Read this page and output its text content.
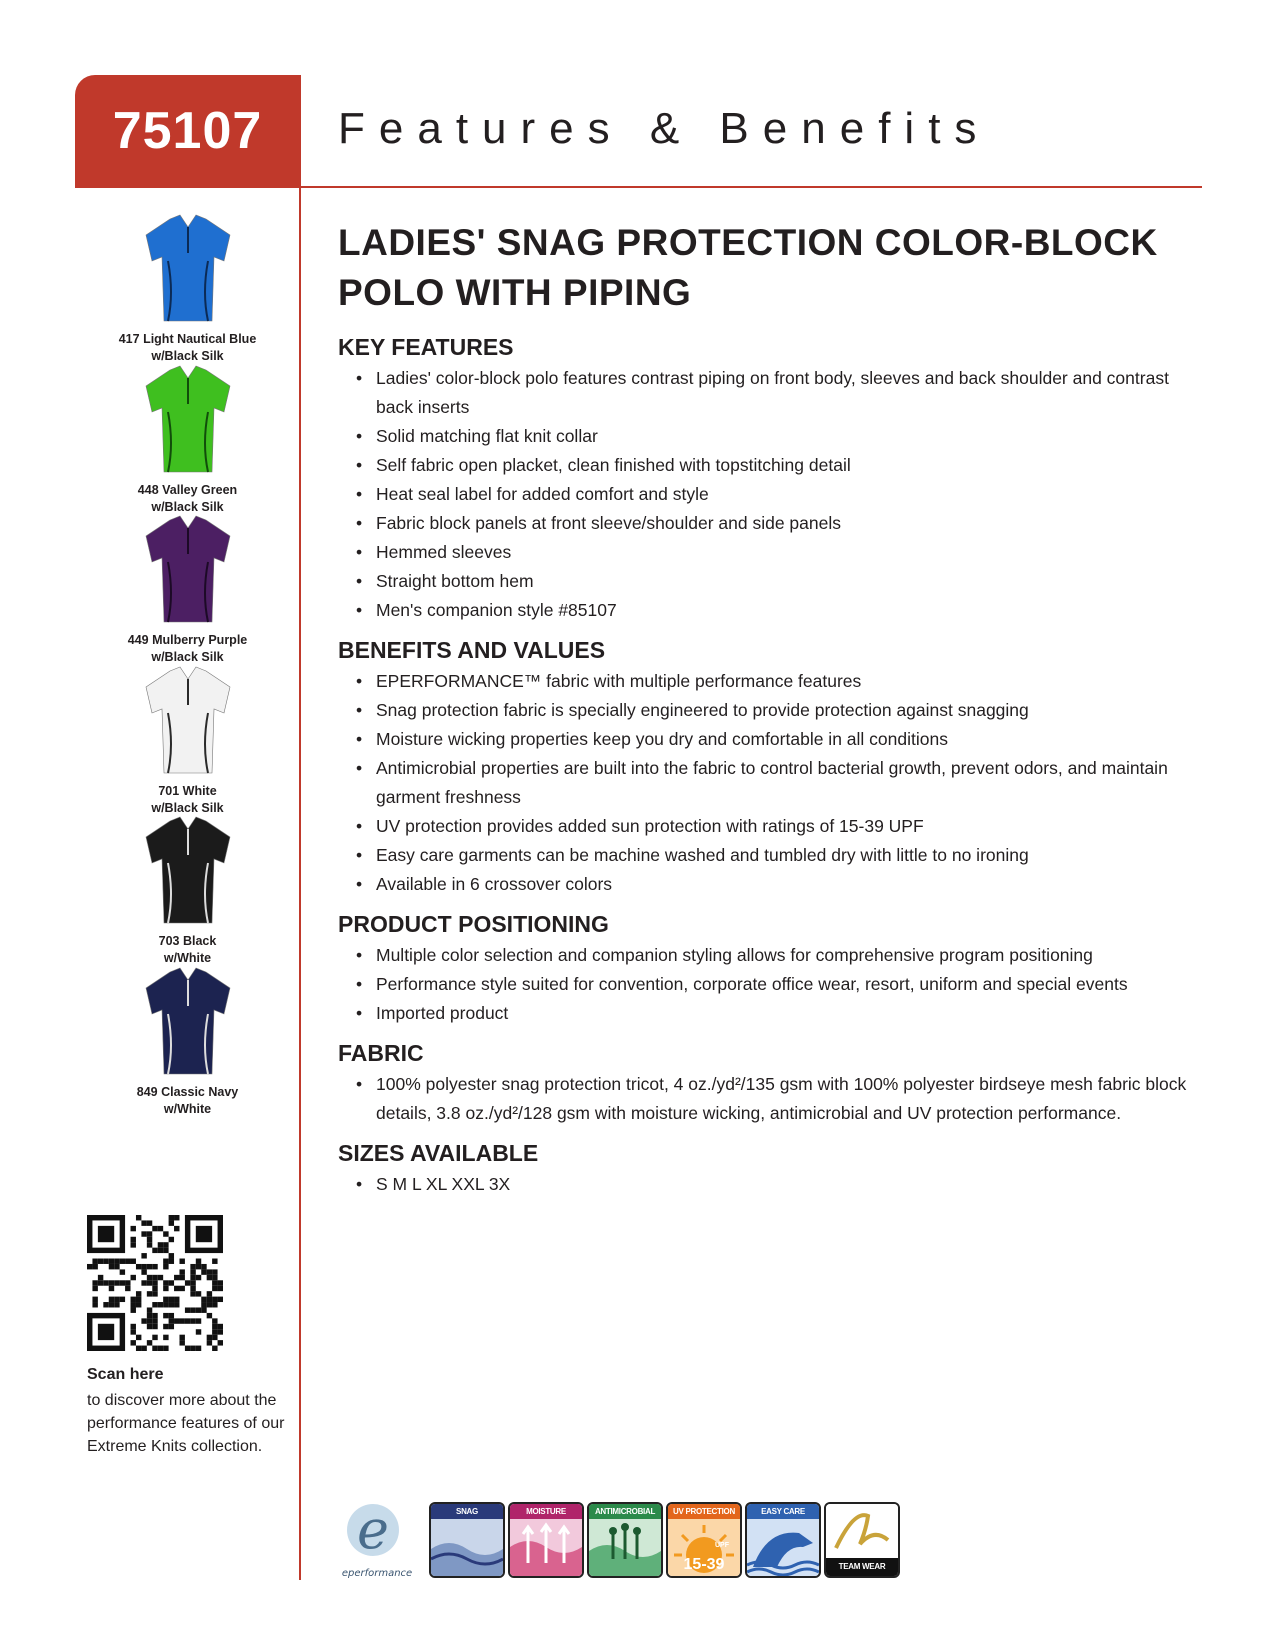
75107 Features & Benefits
417 Light Nautical Blue
w/Black Silk
448 Valley Green
w/Black Silk
449 Mulberry Purple
w/Black Silk
701 White
w/Black Silk
703 Black
w/White
849 Classic Navy
w/White
Scan here
to discover more about the performance features of our Extreme Knits collection.
LADIES' SNAG PROTECTION COLOR-BLOCK
POLO WITH PIPING
KEY FEATURES
• Ladies' color-block polo features contrast piping on front body, sleeves and back shoulder and contrast back inserts
• Solid matching flat knit collar
• Self fabric open placket, clean finished with topstitching detail
• Heat seal label for added comfort and style
• Fabric block panels at front sleeve/shoulder and side panels
• Hemmed sleeves
• Straight bottom hem
• Men's companion style #85107
BENEFITS AND VALUES
• EPERFORMANCE™ fabric with multiple performance features
• Snag protection fabric is specially engineered to provide protection against snagging
• Moisture wicking properties keep you dry and comfortable in all conditions
• Antimicrobial properties are built into the fabric to control bacterial growth, prevent odors, and maintain garment freshness
• UV protection provides added sun protection with ratings of 15-39 UPF
• Easy care garments can be machine washed and tumbled dry with little to no ironing
• Available in 6 crossover colors
PRODUCT POSITIONING
• Multiple color selection and companion styling allows for comprehensive program positioning
• Performance style suited for convention, corporate office wear, resort, uniform and special events
• Imported product
FABRIC
• 100% polyester snag protection tricot, 4 oz./yd²/135 gsm with 100% polyester birdseye mesh fabric block details, 3.8 oz./yd²/128 gsm with moisture wicking, antimicrobial and UV protection performance.
SIZES AVAILABLE
• S M L XL XXL 3X
e
eperformance
SNAG	MOISTURE	ANTIMICROBIAL	UV PROTECTION
15-39
UPF
EASY CARE
TEAM WEAR
